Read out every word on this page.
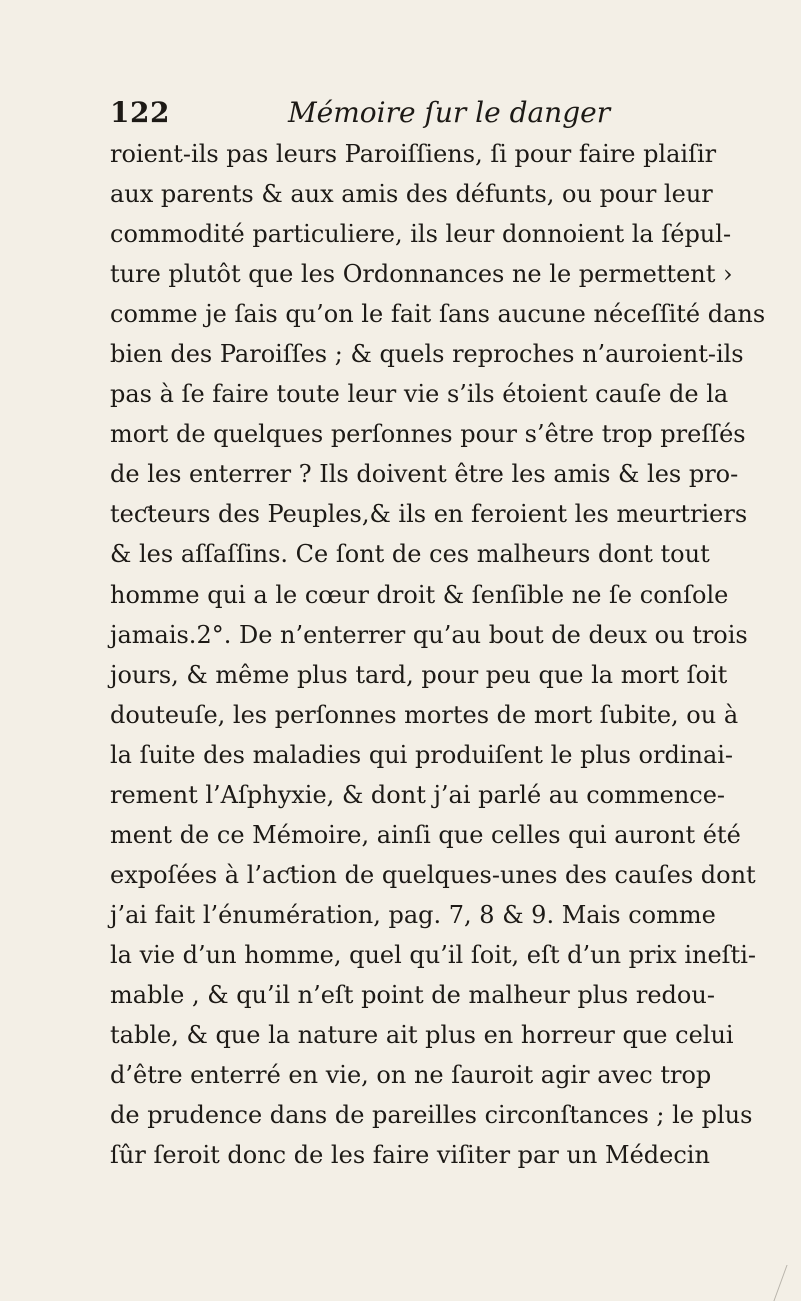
122	Mémoire ſur le danger
roient-ils pas leurs Paroiſſiens, ſi pour faire plaiſir
aux parents & aux amis des défunts, ou pour leur
commodité particuliere, ils leur donnoient la ſépul-
ture plutôt que les Ordonnances ne le permettent ›
comme je ſais qu’on le fait ſans aucune néceſſité dans
bien des Paroiſſes ; & quels reproches n’auroient-ils
pas à ſe faire toute leur vie s’ils étoient cauſe de la
mort de quelques perſonnes pour s’être trop preſſés
de les enterrer ? Ils doivent être les amis & les pro-
teƈteurs des Peuples,& ils en feroient les meurtriers
& les aſſaſſins. Ce ſont de ces malheurs dont tout
homme qui a le cœur droit & ſenſible ne ſe conſole
jamais.2°. De n’enterrer qu’au bout de deux ou trois
jours, & même plus tard, pour peu que la mort ſoit
douteuſe, les perſonnes mortes de mort ſubite, ou à
la ſuite des maladies qui produiſent le plus ordinai-
rement l’Aſphyxie, & dont j’ai parlé au commence-
ment de ce Mémoire, ainſi que celles qui auront été
expoſées à l’aƈtion de quelques-unes des cauſes dont
j’ai fait l’énumération, pag. 7, 8 & 9. Mais comme
la vie d’un homme, quel qu’il ſoit, eſt d’un prix ineſti-
mable , & qu’il n’eſt point de malheur plus redou-
table, & que la nature ait plus en horreur que celui
d’être enterré en vie, on ne ſauroit agir avec trop
de prudence dans de pareilles circonſtances ; le plus
ſûr ſeroit donc de les faire viſiter par un Médecin
